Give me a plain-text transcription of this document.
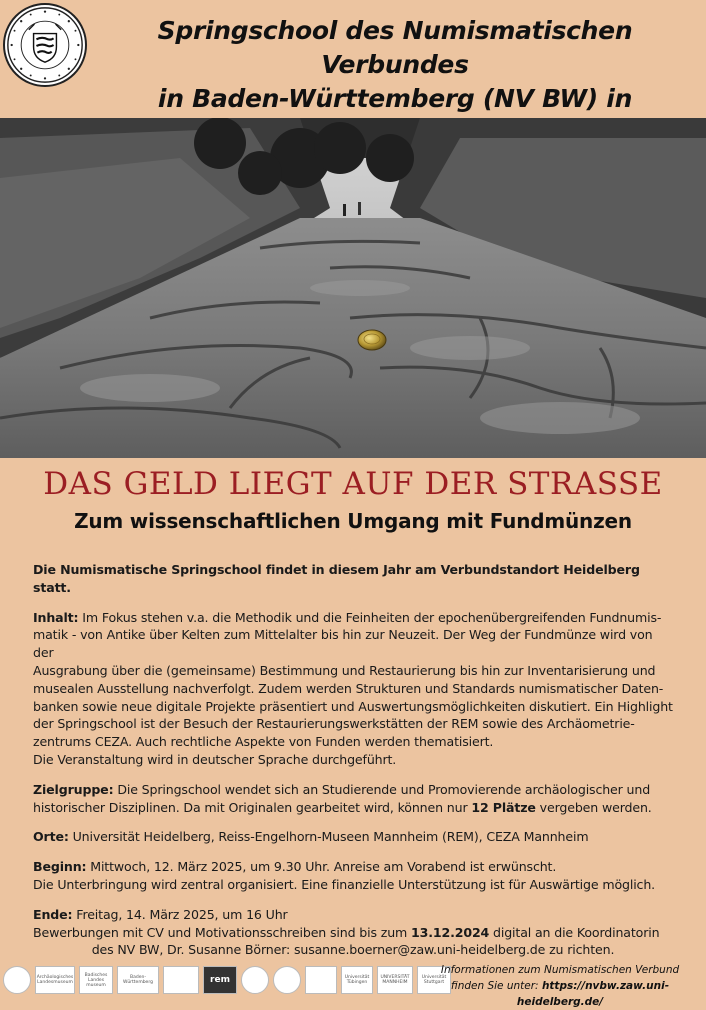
Springschool des Numismatischen Verbundes
in Baden-Württemberg (NV BW) in
DAS GELD LIEGT AUF DER STRASSE
Zum wissenschaftlichen Umgang mit Fundmünzen

Die Numismatische Springschool findet in diesem Jahr am Verbundstandort Heidelberg statt.

Inhalt: Im Fokus stehen v.a. die Methodik und die Feinheiten der epochenübergreifenden Fundnumis-
matik - von Antike über Kelten zum Mittelalter bis hin zur Neuzeit. Der Weg der Fundmünze wird von der
Ausgrabung über die (gemeinsame) Bestimmung und Restaurierung bis hin zur Inventarisierung und
musealen Ausstellung nachverfolgt. Zudem werden Strukturen und Standards numismatischer Daten-
banken sowie neue digitale Projekte präsentiert und Auswertungsmöglichkeiten diskutiert. Ein Highlight
der Springschool ist der Besuch der Restaurierungswerkstätten der REM sowie des Archäometrie-
zentrums CEZA. Auch rechtliche Aspekte von Funden werden thematisiert.
Die Veranstaltung wird in deutscher Sprache durchgeführt.

Zielgruppe: Die Springschool wendet sich an Studierende und Promovierende archäologischer und
historischer Disziplinen. Da mit Originalen gearbeitet wird, können nur 12 Plätze vergeben werden.

Orte: Universität Heidelberg, Reiss-Engelhorn-Museen Mannheim (REM), CEZA Mannheim

Beginn: Mittwoch, 12. März 2025, um 9.30 Uhr. Anreise am Vorabend ist erwünscht.
Die Unterbringung wird zentral organisiert. Eine finanzielle Unterstützung ist für Auswärtige möglich.

Ende: Freitag, 14. März 2025, um 16 Uhr
Bewerbungen mit CV und Motivationsschreiben sind bis zum 13.12.2024 digital an die Koordinatorin
des NV BW, Dr. Susanne Börner: susanne.boerner@zaw.uni-heidelberg.de zu richten.

Archäologisches Landesmuseum
Badisches Landes museum
Baden-Württemberg	rem	Universität Tübingen
UNIVERSITÄT MANNHEIM
Universität Stuttgart
Informationen zum Numismatischen Verbund
finden Sie unter: https://nvbw.zaw.uni-heidelberg.de/
